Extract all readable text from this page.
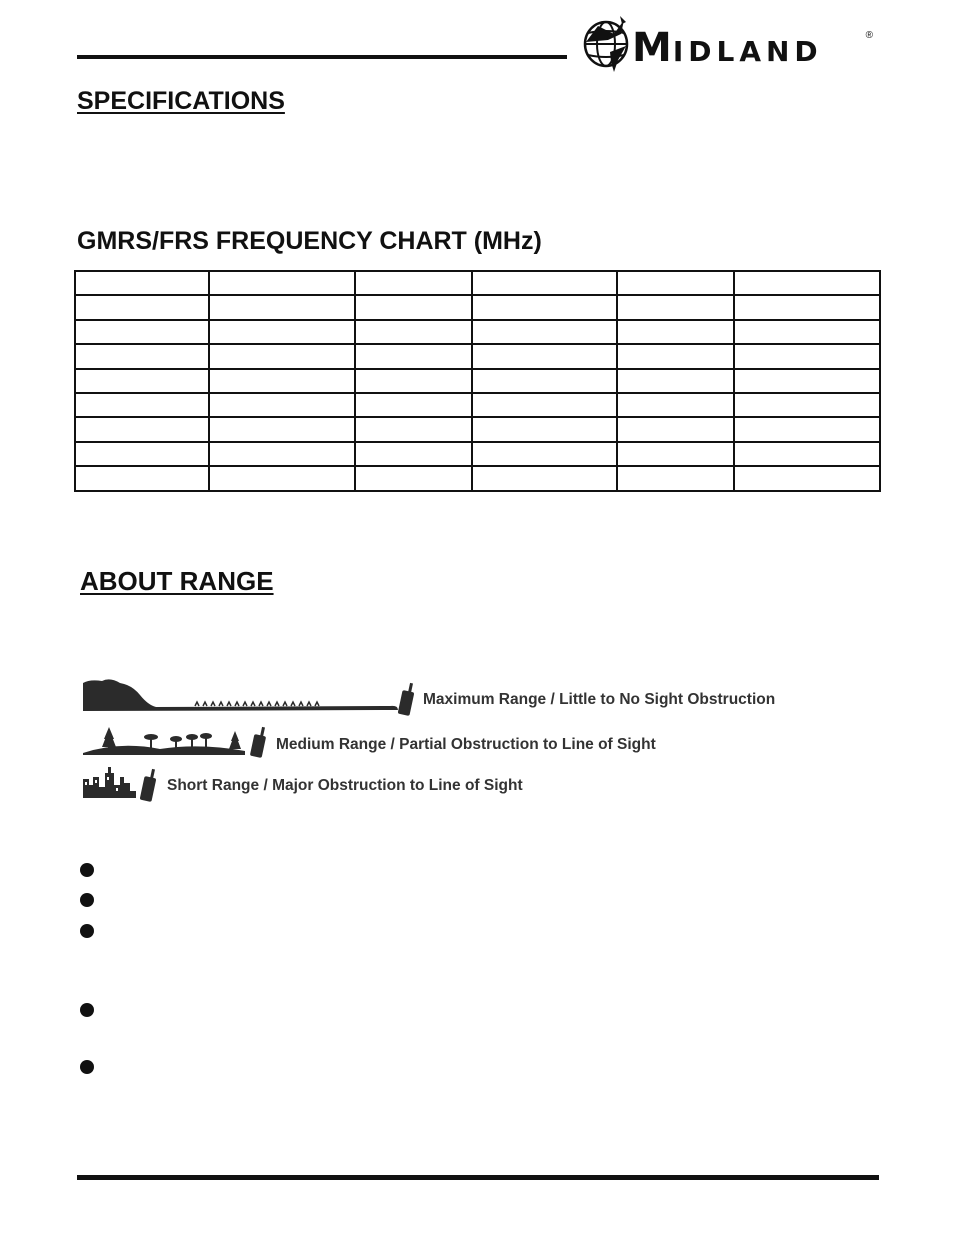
MIDLAND	®
SPECIFICATIONS
GMRS/FRS FREQUENCY CHART (MHz)

ABOUT RANGE
Maximum Range / Little to No Sight Obstruction
Medium Range / Partial Obstruction to Line of Sight
Short Range / Major Obstruction to Line of Sight
